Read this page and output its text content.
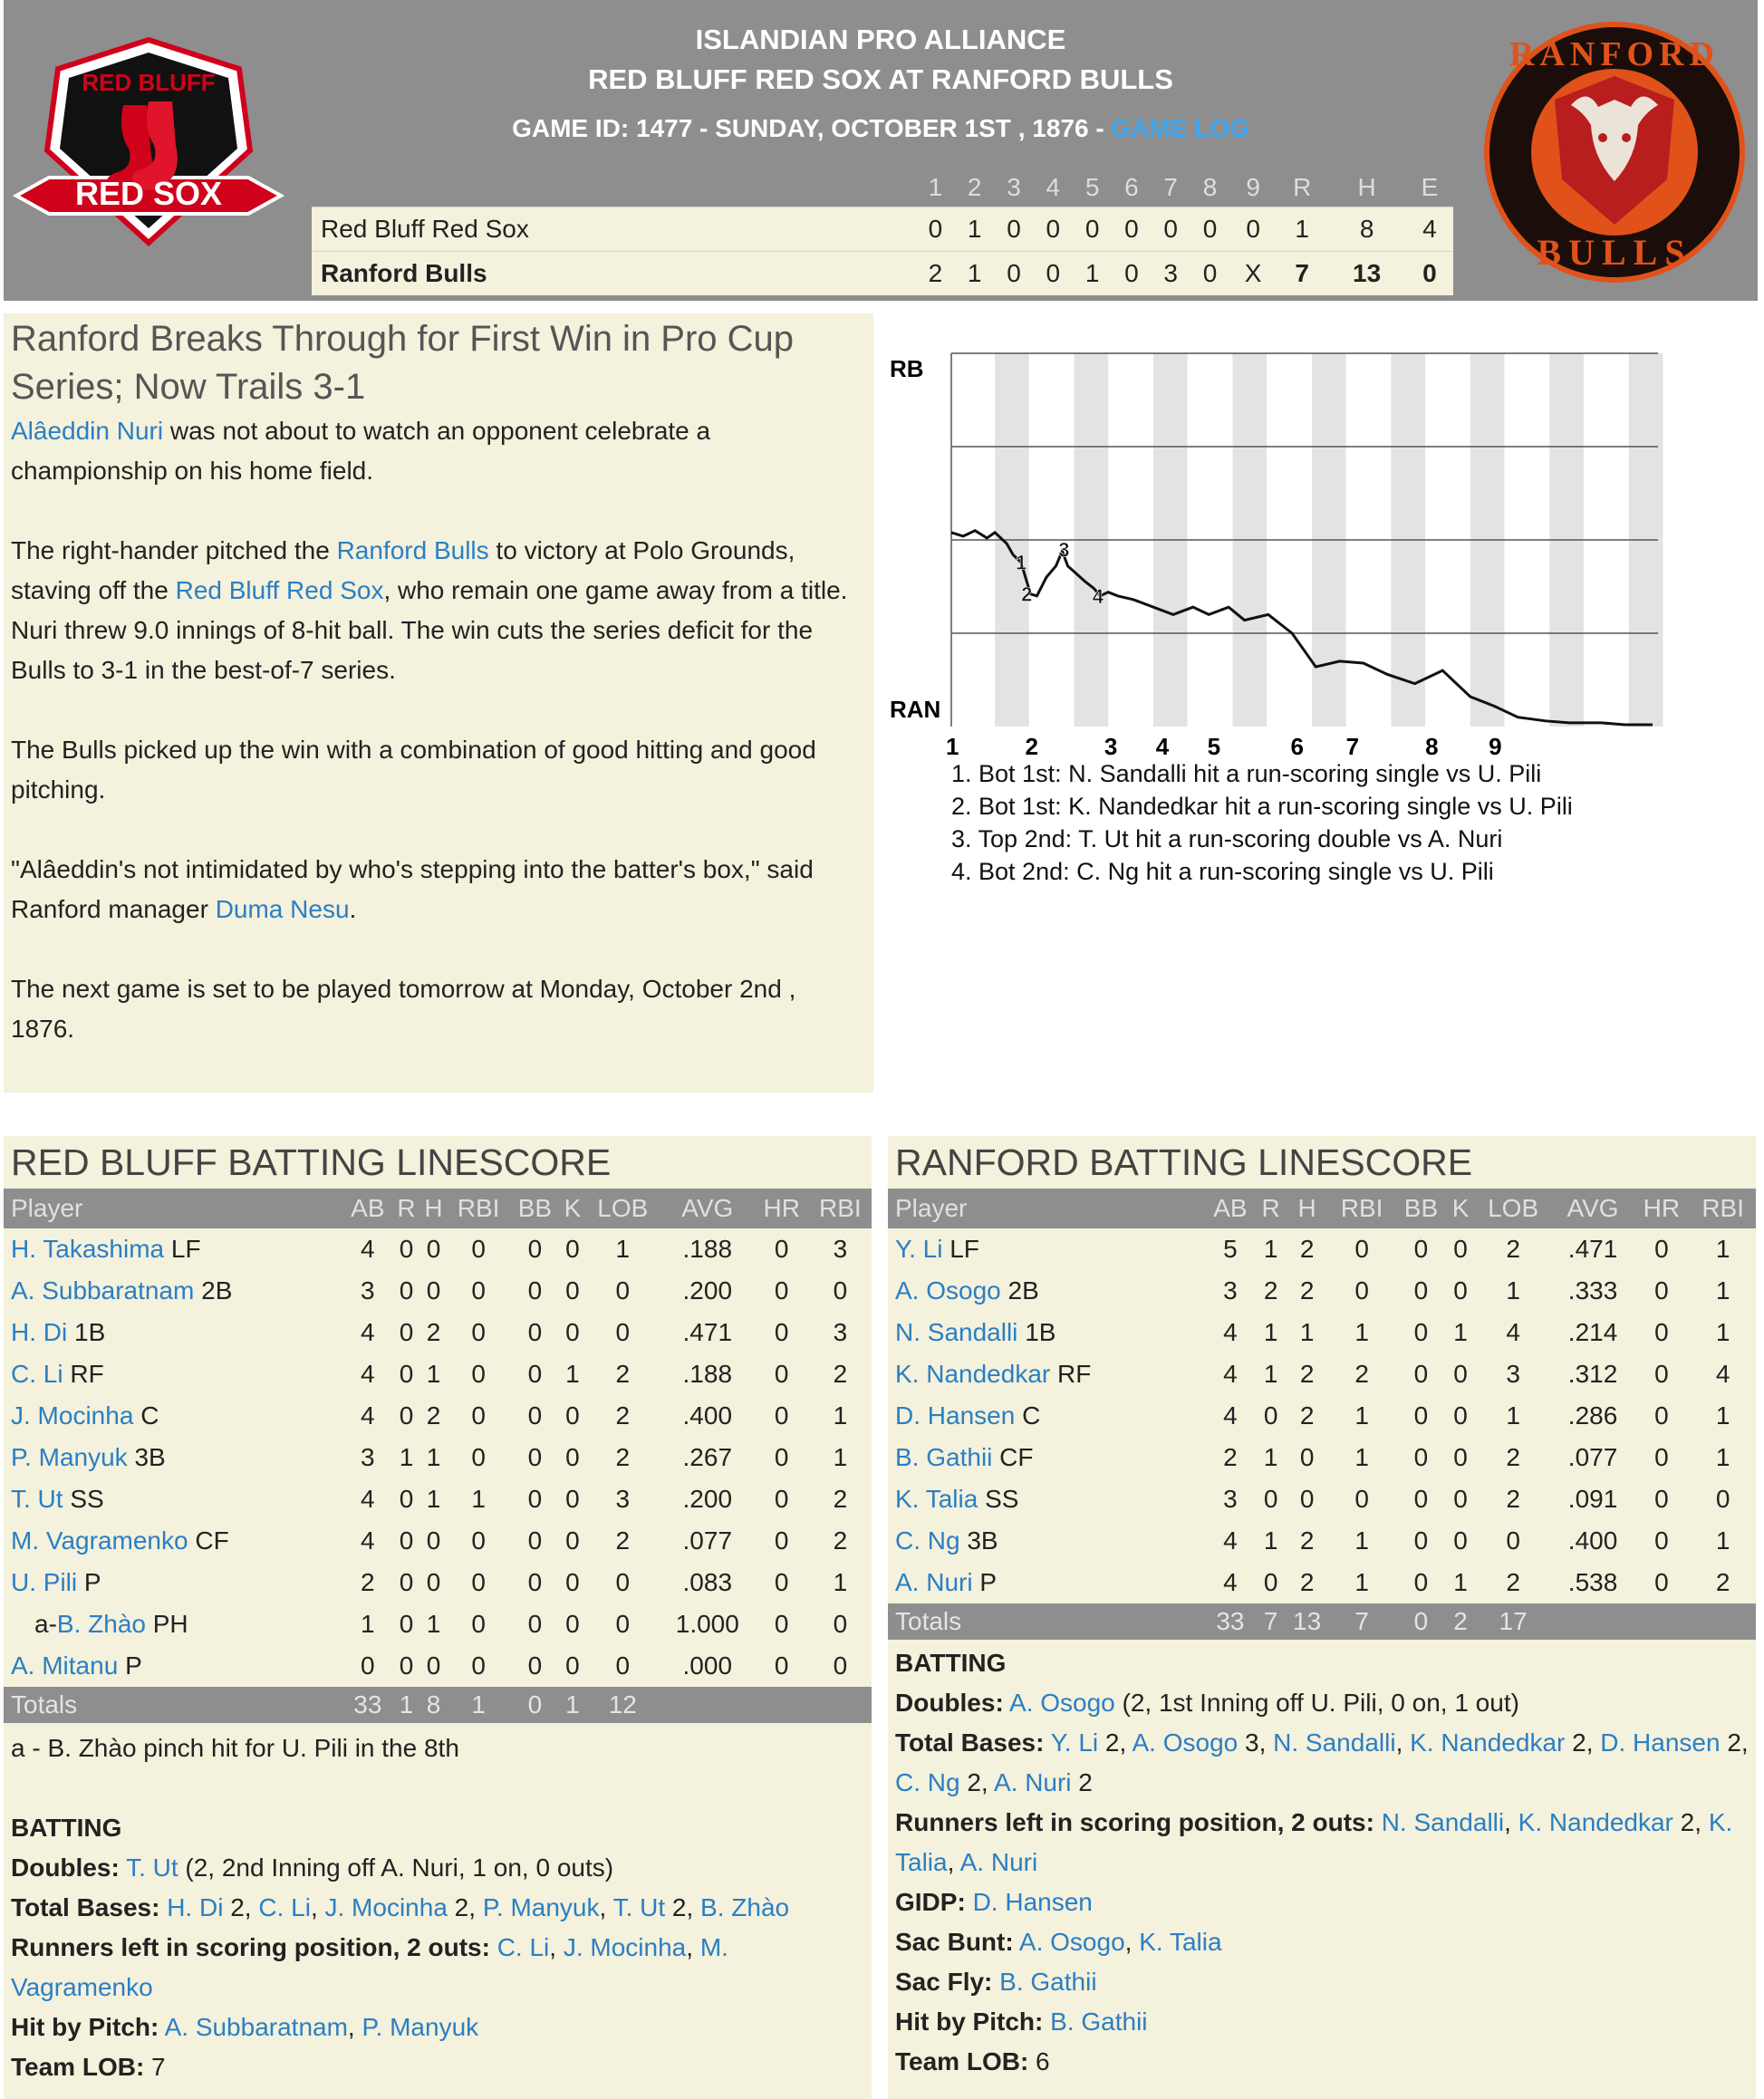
RED BLUFF
RED SOX
ISLANDIAN PRO ALLIANCE
RED BLUFF RED SOX AT RANFORD BULLS
GAME ID: 1477 - SUNDAY, OCTOBER 1ST , 1876 - GAME LOG
	1	2	3	4	5	6	7	8	9	R	H	E
Red Bluff Red Sox	0	1	0	0	0	0	0	0	0	1	8	4
Ranford Bulls	2	1	0	0	1	0	3	0	X	7	13	0
RANFORD
BULLS
Ranford Breaks Through for First Win in Pro Cup Series; Now Trails 3-1

Alâeddin Nuri was not about to watch an opponent celebrate a championship on his home field.

The right-hander pitched the Ranford Bulls to victory at Polo Grounds, staving off the Red Bluff Red Sox, who remain one game away from a title. Nuri threw 9.0 innings of 8-hit ball. The win cuts the series deficit for the Bulls to 3-1 in the best-of-7 series.

The Bulls picked up the win with a combination of good hitting and good pitching.

"Alâeddin's not intimidated by who's stepping into the batter's box," said Ranford manager Duma Nesu.

The next game is set to be played tomorrow at Monday, October 2nd , 1876.

RB
RAN
1	2	3 4 5	6 7	8 9
1
2
3
4
1. Bot 1st: N. Sandalli hit a run-scoring single vs U. Pili
2. Bot 1st: K. Nandedkar hit a run-scoring single vs U. Pili
3. Top 2nd: T. Ut hit a run-scoring double vs A. Nuri
4. Bot 2nd: C. Ng hit a run-scoring single vs U. Pili
RED BLUFF BATTING LINESCORE
Player	AB	R	H	RBI	BB	K	LOB	AVG	HR	RBI
H. Takashima LF	4	0	0	0	0	0	1	.188	0	3
A. Subbaratnam 2B	3	0	0	0	0	0	0	.200	0	0
H. Di 1B	4	0	2	0	0	0	0	.471	0	3
C. Li RF	4	0	1	0	0	1	2	.188	0	2
J. Mocinha C	4	0	2	0	0	0	2	.400	0	1
P. Manyuk 3B	3	1	1	0	0	0	2	.267	0	1
T. Ut SS	4	0	1	1	0	0	3	.200	0	2
M. Vagramenko CF	4	0	0	0	0	0	2	.077	0	2
U. Pili P	2	0	0	0	0	0	0	.083	0	1
a-B. Zhào PH	1	0	1	0	0	0	0	1.000	0	0
A. Mitanu P	0	0	0	0	0	0	0	.000	0	0
Totals	33	1	8	1	0	1	12			
a - B. Zhào pinch hit for U. Pili in the 8th
BATTING
Doubles: T. Ut (2, 2nd Inning off A. Nuri, 1 on, 0 outs)
Total Bases: H. Di 2, C. Li, J. Mocinha 2, P. Manyuk, T. Ut 2, B. Zhào
Runners left in scoring position, 2 outs: C. Li, J. Mocinha, M. Vagramenko
Hit by Pitch: A. Subbaratnam, P. Manyuk
Team LOB: 7
RANFORD BATTING LINESCORE
Player	AB	R	H	RBI	BB	K	LOB	AVG	HR	RBI
Y. Li LF	5	1	2	0	0	0	2	.471	0	1
A. Osogo 2B	3	2	2	0	0	0	1	.333	0	1
N. Sandalli 1B	4	1	1	1	0	1	4	.214	0	1
K. Nandedkar RF	4	1	2	2	0	0	3	.312	0	4
D. Hansen C	4	0	2	1	0	0	1	.286	0	1
B. Gathii CF	2	1	0	1	0	0	2	.077	0	1
K. Talia SS	3	0	0	0	0	0	2	.091	0	0
C. Ng 3B	4	1	2	1	0	0	0	.400	0	1
A. Nuri P	4	0	2	1	0	1	2	.538	0	2
Totals	33	7	13	7	0	2	17			
BATTING
Doubles: A. Osogo (2, 1st Inning off U. Pili, 0 on, 1 out)
Total Bases: Y. Li 2, A. Osogo 3, N. Sandalli, K. Nandedkar 2, D. Hansen 2, C. Ng 2, A. Nuri 2
Runners left in scoring position, 2 outs: N. Sandalli, K. Nandedkar 2, K. Talia, A. Nuri
GIDP: D. Hansen
Sac Bunt: A. Osogo, K. Talia
Sac Fly: B. Gathii
Hit by Pitch: B. Gathii
Team LOB: 6
